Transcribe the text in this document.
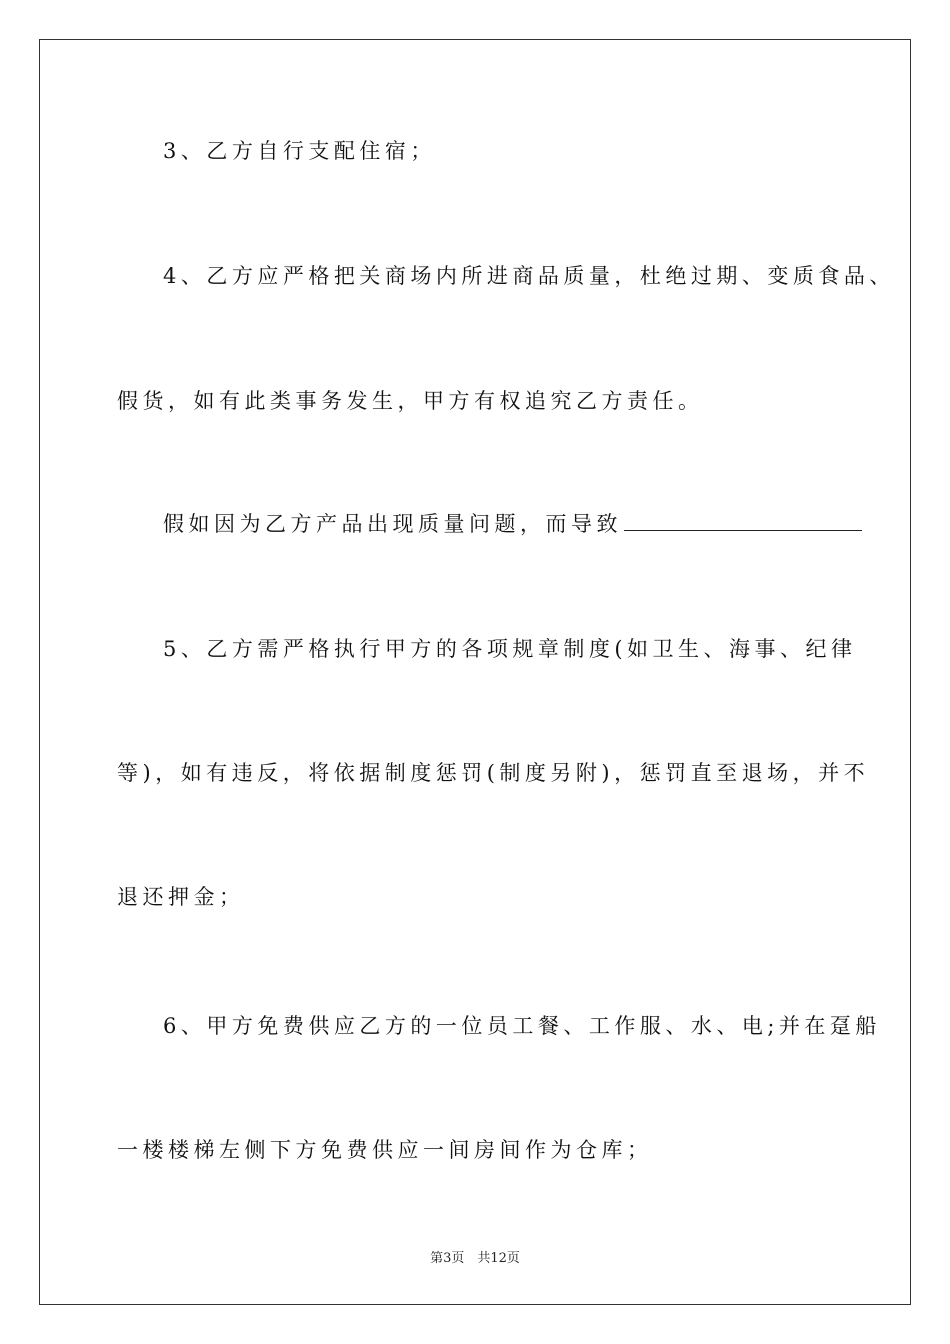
3、乙方自行支配住宿；
4、乙方应严格把关商场内所进商品质量，杜绝过期、变质食品、
假货，如有此类事务发生，甲方有权追究乙方责任。
假如因为乙方产品出现质量问题，而导致
5、乙方需严格执行甲方的各项规章制度(如卫生、海事、纪律
等)，如有违反，将依据制度惩罚(制度另附)，惩罚直至退场，并不
退还押金；
6、甲方免费供应乙方的一位员工餐、工作服、水、电;并在趸船
一楼楼梯左侧下方免费供应一间房间作为仓库；
第3页　共12页
